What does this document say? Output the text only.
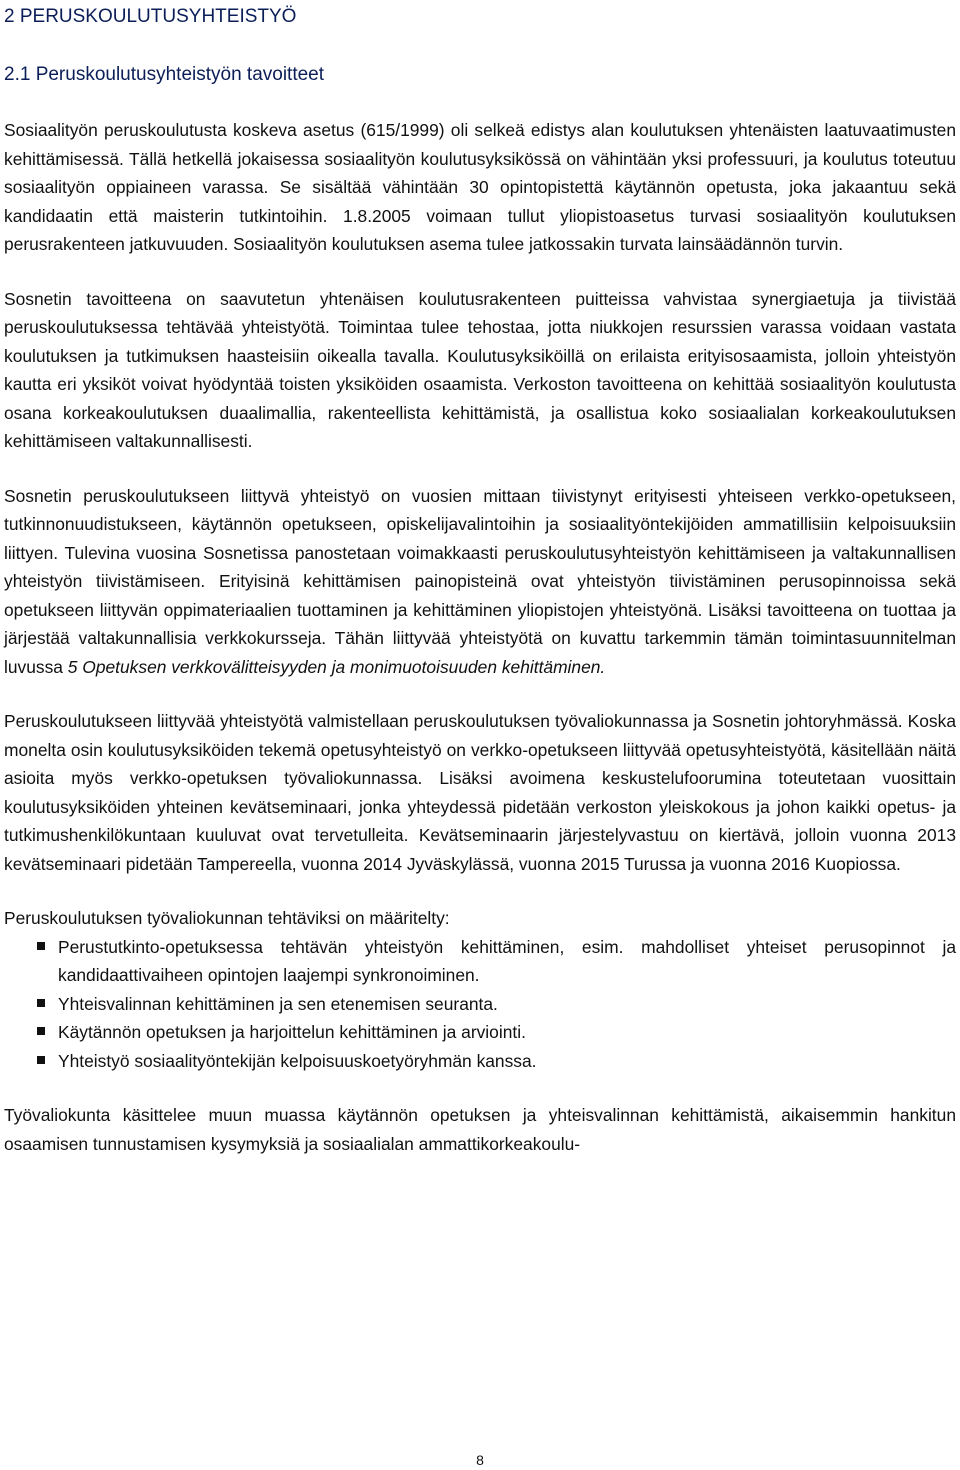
2 PERUSKOULUTUSYHTEISTYÖ
2.1 Peruskoulutusyhteistyön tavoitteet

Sosiaalityön peruskoulutusta koskeva asetus (615/1999) oli selkeä edistys alan koulutuksen yhtenäisten laatuvaatimusten kehittämisessä. Tällä hetkellä jokaisessa sosiaalityön koulutusyksikössä on vähintään yksi professuuri, ja koulutus toteutuu sosiaalityön oppiaineen varassa. Se sisältää vähintään 30 opintopistettä käytännön opetusta, joka jakaantuu sekä kandidaatin että maisterin tutkintoihin. 1.8.2005 voimaan tullut yliopistoasetus turvasi sosiaalityön koulutuksen perusrakenteen jatkuvuuden. Sosiaalityön koulutuksen asema tulee jatkossakin turvata lainsäädännön turvin.

Sosnetin tavoitteena on saavutetun yhtenäisen koulutusrakenteen puitteissa vahvistaa synergiaetuja ja tiivistää peruskoulutuksessa tehtävää yhteistyötä. Toimintaa tulee tehostaa, jotta niukkojen resurssien varassa voidaan vastata koulutuksen ja tutkimuksen haasteisiin oikealla tavalla. Koulutusyksiköillä on erilaista erityisosaamista, jolloin yhteistyön kautta eri yksiköt voivat hyödyntää toisten yksiköiden osaamista. Verkoston tavoitteena on kehittää sosiaalityön koulutusta osana korkeakoulutuksen duaalimallia, rakenteellista kehittämistä, ja osallistua koko sosiaalialan korkeakoulutuksen kehittämiseen valtakunnallisesti.

Sosnetin peruskoulutukseen liittyvä yhteistyö on vuosien mittaan tiivistynyt erityisesti yhteiseen verkko-opetukseen, tutkinnonuudistukseen, käytännön opetukseen, opiskelijavalintoihin ja sosiaalityöntekijöiden ammatillisiin kelpoisuuksiin liittyen. Tulevina vuosina Sosnetissa panostetaan voimakkaasti peruskoulutusyhteistyön kehittämiseen ja valtakunnallisen yhteistyön tiivistämiseen. Erityisinä kehittämisen painopisteinä ovat yhteistyön tiivistäminen perusopinnoissa sekä opetukseen liittyvän oppimateriaalien tuottaminen ja kehittäminen yliopistojen yhteistyönä. Lisäksi tavoitteena on tuottaa ja järjestää valtakunnallisia verkkokursseja. Tähän liittyvää yhteistyötä on kuvattu tarkemmin tämän toimintasuunnitelman luvussa 5 Opetuksen verkkovälitteisyyden ja monimuotoisuuden kehittäminen.

Peruskoulutukseen liittyvää yhteistyötä valmistellaan peruskoulutuksen työvaliokunnassa ja Sosnetin johtoryhmässä. Koska monelta osin koulutusyksiköiden tekemä opetusyhteistyö on verkko-opetukseen liittyvää opetusyhteistyötä, käsitellään näitä asioita myös verkko-opetuksen työvaliokunnassa. Lisäksi avoimena keskustelufoorumina toteutetaan vuosittain koulutusyksiköiden yhteinen kevätseminaari, jonka yhteydessä pidetään verkoston yleiskokous ja johon kaikki opetus- ja tutkimushenkilökuntaan kuuluvat ovat tervetulleita. Kevätseminaarin järjestelyvastuu on kiertävä, jolloin vuonna 2013 kevätseminaari pidetään Tampereella, vuonna 2014 Jyväskylässä, vuonna 2015 Turussa ja vuonna 2016 Kuopiossa.

Peruskoulutuksen työvaliokunnan tehtäviksi on määritelty:

Perustutkinto-opetuksessa tehtävän yhteistyön kehittäminen, esim. mahdolliset yhteiset perusopinnot ja kandidaattivaiheen opintojen laajempi synkronoiminen.
Yhteisvalinnan kehittäminen ja sen etenemisen seuranta.
Käytännön opetuksen ja harjoittelun kehittäminen ja arviointi.
Yhteistyö sosiaalityöntekijän kelpoisuuskoetyöryhmän kanssa.

Työvaliokunta käsittelee muun muassa käytännön opetuksen ja yhteisvalinnan kehittämistä, aikaisemmin hankitun osaamisen tunnustamisen kysymyksiä ja sosiaalialan ammattikorkeakoulu-

8
